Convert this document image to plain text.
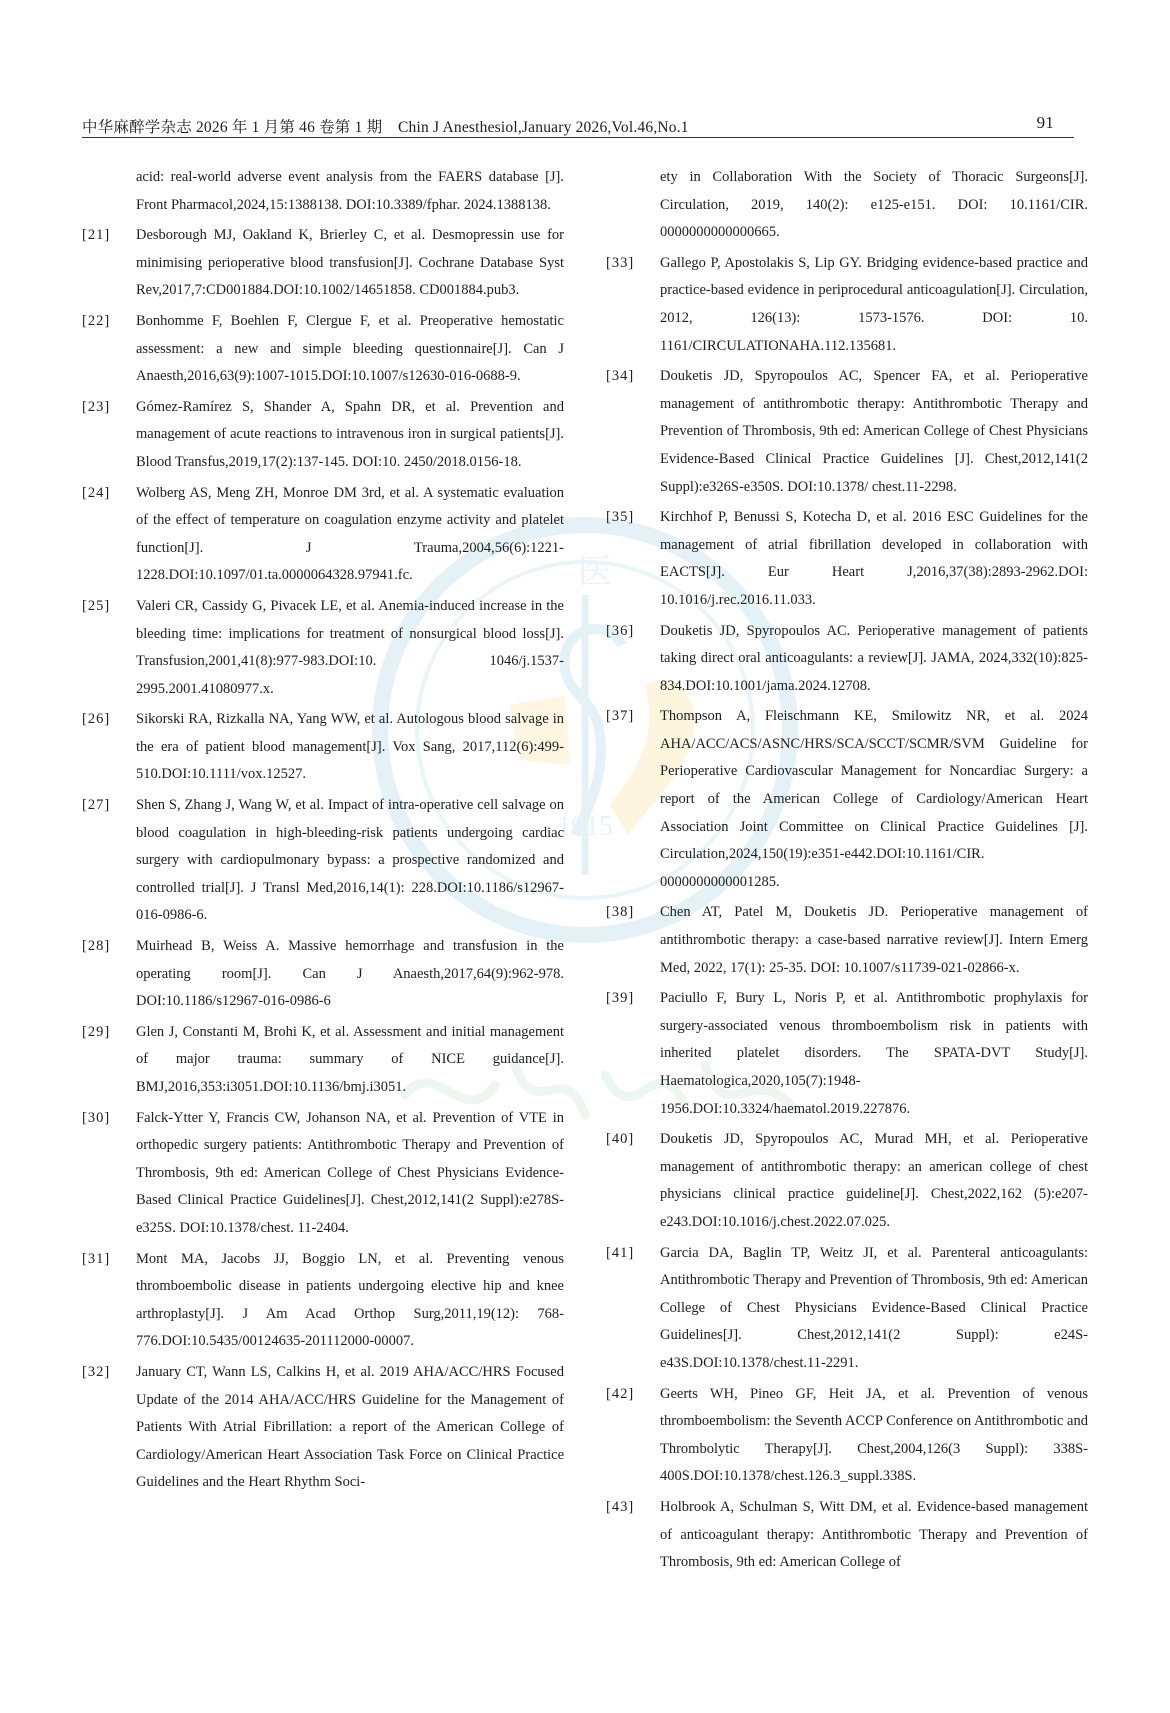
1915
医
中华麻醉学杂志 2026 年 1 月第 46 卷第 1 期　Chin J Anesthesiol,January 2026,Vol.46,No.1	91
acid: real-world adverse event analysis from the FAERS database [J]. Front Pharmacol,2024,15:1388138. DOI:10.3389/fphar. 2024.1388138.
[21] Desborough MJ, Oakland K, Brierley C, et al. Desmopressin use for minimising perioperative blood transfusion[J]. Cochrane Database Syst Rev,2017,7:CD001884.DOI:10.1002/14651858. CD001884.pub3.
[22] Bonhomme F, Boehlen F, Clergue F, et al. Preoperative hemostatic assessment: a new and simple bleeding questionnaire[J]. Can J Anaesth,2016,63(9):1007-1015.DOI:10.1007/s12630-016-0688-9.
[23] Gómez-Ramírez S, Shander A, Spahn DR, et al. Prevention and management of acute reactions to intravenous iron in surgical patients[J]. Blood Transfus,2019,17(2):137-145. DOI:10. 2450/2018.0156-18.
[24] Wolberg AS, Meng ZH, Monroe DM 3rd, et al. A systematic evaluation of the effect of temperature on coagulation enzyme activity and platelet function[J]. J Trauma,2004,56(6):1221-1228.DOI:10.1097/01.ta.0000064328.97941.fc.
[25] Valeri CR, Cassidy G, Pivacek LE, et al. Anemia-induced increase in the bleeding time: implications for treatment of nonsurgical blood loss[J]. Transfusion,2001,41(8):977-983.DOI:10. 1046/j.1537-2995.2001.41080977.x.
[26] Sikorski RA, Rizkalla NA, Yang WW, et al. Autologous blood salvage in the era of patient blood management[J]. Vox Sang, 2017,112(6):499-510.DOI:10.1111/vox.12527.
[27] Shen S, Zhang J, Wang W, et al. Impact of intra-operative cell salvage on blood coagulation in high-bleeding-risk patients undergoing cardiac surgery with cardiopulmonary bypass: a prospective randomized and controlled trial[J]. J Transl Med,2016,14(1): 228.DOI:10.1186/s12967-016-0986-6.
[28] Muirhead B, Weiss A. Massive hemorrhage and transfusion in the operating room[J]. Can J Anaesth,2017,64(9):962-978. DOI:10.1186/s12967-016-0986-6
[29] Glen J, Constanti M, Brohi K, et al. Assessment and initial management of major trauma: summary of NICE guidance[J]. BMJ,2016,353:i3051.DOI:10.1136/bmj.i3051.
[30] Falck-Ytter Y, Francis CW, Johanson NA, et al. Prevention of VTE in orthopedic surgery patients: Antithrombotic Therapy and Prevention of Thrombosis, 9th ed: American College of Chest Physicians Evidence-Based Clinical Practice Guidelines[J]. Chest,2012,141(2 Suppl):e278S-e325S. DOI:10.1378/chest. 11-2404.
[31] Mont MA, Jacobs JJ, Boggio LN, et al. Preventing venous thromboembolic disease in patients undergoing elective hip and knee arthroplasty[J]. J Am Acad Orthop Surg,2011,19(12): 768-776.DOI:10.5435/00124635-201112000-00007.
[32] January CT, Wann LS, Calkins H, et al. 2019 AHA/ACC/HRS Focused Update of the 2014 AHA/ACC/HRS Guideline for the Management of Patients With Atrial Fibrillation: a report of the American College of Cardiology/American Heart Association Task Force on Clinical Practice Guidelines and the Heart Rhythm Soci-
ety in Collaboration With the Society of Thoracic Surgeons[J]. Circulation, 2019, 140(2): e125-e151. DOI: 10.1161/CIR. 0000000000000665.
[33] Gallego P, Apostolakis S, Lip GY. Bridging evidence-based practice and practice-based evidence in periprocedural anticoagulation[J]. Circulation, 2012, 126(13): 1573-1576. DOI: 10. 1161/CIRCULATIONAHA.112.135681.
[34] Douketis JD, Spyropoulos AC, Spencer FA, et al. Perioperative management of antithrombotic therapy: Antithrombotic Therapy and Prevention of Thrombosis, 9th ed: American College of Chest Physicians Evidence-Based Clinical Practice Guidelines [J]. Chest,2012,141(2 Suppl):e326S-e350S. DOI:10.1378/ chest.11-2298.
[35] Kirchhof P, Benussi S, Kotecha D, et al. 2016 ESC Guidelines for the management of atrial fibrillation developed in collaboration with EACTS[J]. Eur Heart J,2016,37(38):2893-2962.DOI: 10.1016/j.rec.2016.11.033.
[36] Douketis JD, Spyropoulos AC. Perioperative management of patients taking direct oral anticoagulants: a review[J]. JAMA, 2024,332(10):825-834.DOI:10.1001/jama.2024.12708.
[37] Thompson A, Fleischmann KE, Smilowitz NR, et al. 2024 AHA/ACC/ACS/ASNC/HRS/SCA/SCCT/SCMR/SVM Guideline for Perioperative Cardiovascular Management for Noncardiac Surgery: a report of the American College of Cardiology/American Heart Association Joint Committee on Clinical Practice Guidelines [J]. Circulation,2024,150(19):e351-e442.DOI:10.1161/CIR. 0000000000001285.
[38] Chen AT, Patel M, Douketis JD. Perioperative management of antithrombotic therapy: a case-based narrative review[J]. Intern Emerg Med, 2022, 17(1): 25-35. DOI: 10.1007/s11739-021-02866-x.
[39] Paciullo F, Bury L, Noris P, et al. Antithrombotic prophylaxis for surgery-associated venous thromboembolism risk in patients with inherited platelet disorders. The SPATA-DVT Study[J]. Haematologica,2020,105(7):1948-1956.DOI:10.3324/haematol.2019.227876.
[40] Douketis JD, Spyropoulos AC, Murad MH, et al. Perioperative management of antithrombotic therapy: an american college of chest physicians clinical practice guideline[J]. Chest,2022,162 (5):e207-e243.DOI:10.1016/j.chest.2022.07.025.
[41] Garcia DA, Baglin TP, Weitz JI, et al. Parenteral anticoagulants: Antithrombotic Therapy and Prevention of Thrombosis, 9th ed: American College of Chest Physicians Evidence-Based Clinical Practice Guidelines[J]. Chest,2012,141(2 Suppl): e24S-e43S.DOI:10.1378/chest.11-2291.
[42] Geerts WH, Pineo GF, Heit JA, et al. Prevention of venous thromboembolism: the Seventh ACCP Conference on Antithrombotic and Thrombolytic Therapy[J]. Chest,2004,126(3 Suppl): 338S-400S.DOI:10.1378/chest.126.3_suppl.338S.
[43] Holbrook A, Schulman S, Witt DM, et al. Evidence-based management of anticoagulant therapy: Antithrombotic Therapy and Prevention of Thrombosis, 9th ed: American College of
